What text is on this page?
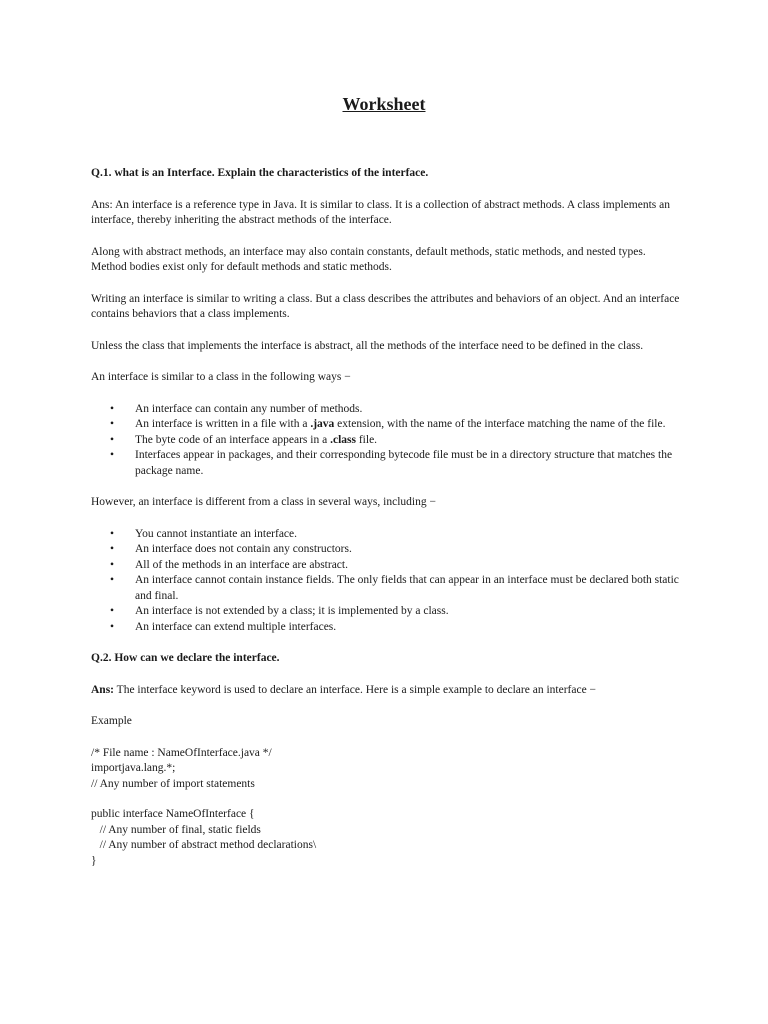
Worksheet

Q.1. what is an Interface. Explain the characteristics of the interface.

Ans: An interface is a reference type in Java. It is similar to class. It is a collection of abstract methods. A class implements an interface, thereby inheriting the abstract methods of the interface.

Along with abstract methods, an interface may also contain constants, default methods, static methods, and nested types. Method bodies exist only for default methods and static methods.

Writing an interface is similar to writing a class. But a class describes the attributes and behaviors of an object. And an interface contains behaviors that a class implements.

Unless the class that implements the interface is abstract, all the methods of the interface need to be defined in the class.

An interface is similar to a class in the following ways −

• An interface can contain any number of methods.
• An interface is written in a file with a .java extension, with the name of the interface matching the name of the file.
• The byte code of an interface appears in a .class file.
• Interfaces appear in packages, and their corresponding bytecode file must be in a directory structure that matches the package name.

However, an interface is different from a class in several ways, including −

• You cannot instantiate an interface.
• An interface does not contain any constructors.
• All of the methods in an interface are abstract.
• An interface cannot contain instance fields. The only fields that can appear in an interface must be declared both static and final.
• An interface is not extended by a class; it is implemented by a class.
• An interface can extend multiple interfaces.

Q.2. How can we declare the interface.

Ans: The interface keyword is used to declare an interface. Here is a simple example to declare an interface −

Example

/* File name : NameOfInterface.java */
importjava.lang.*;
// Any number of import statements
public interface NameOfInterface {
// Any number of final, static fields
// Any number of abstract method declarations\
}
